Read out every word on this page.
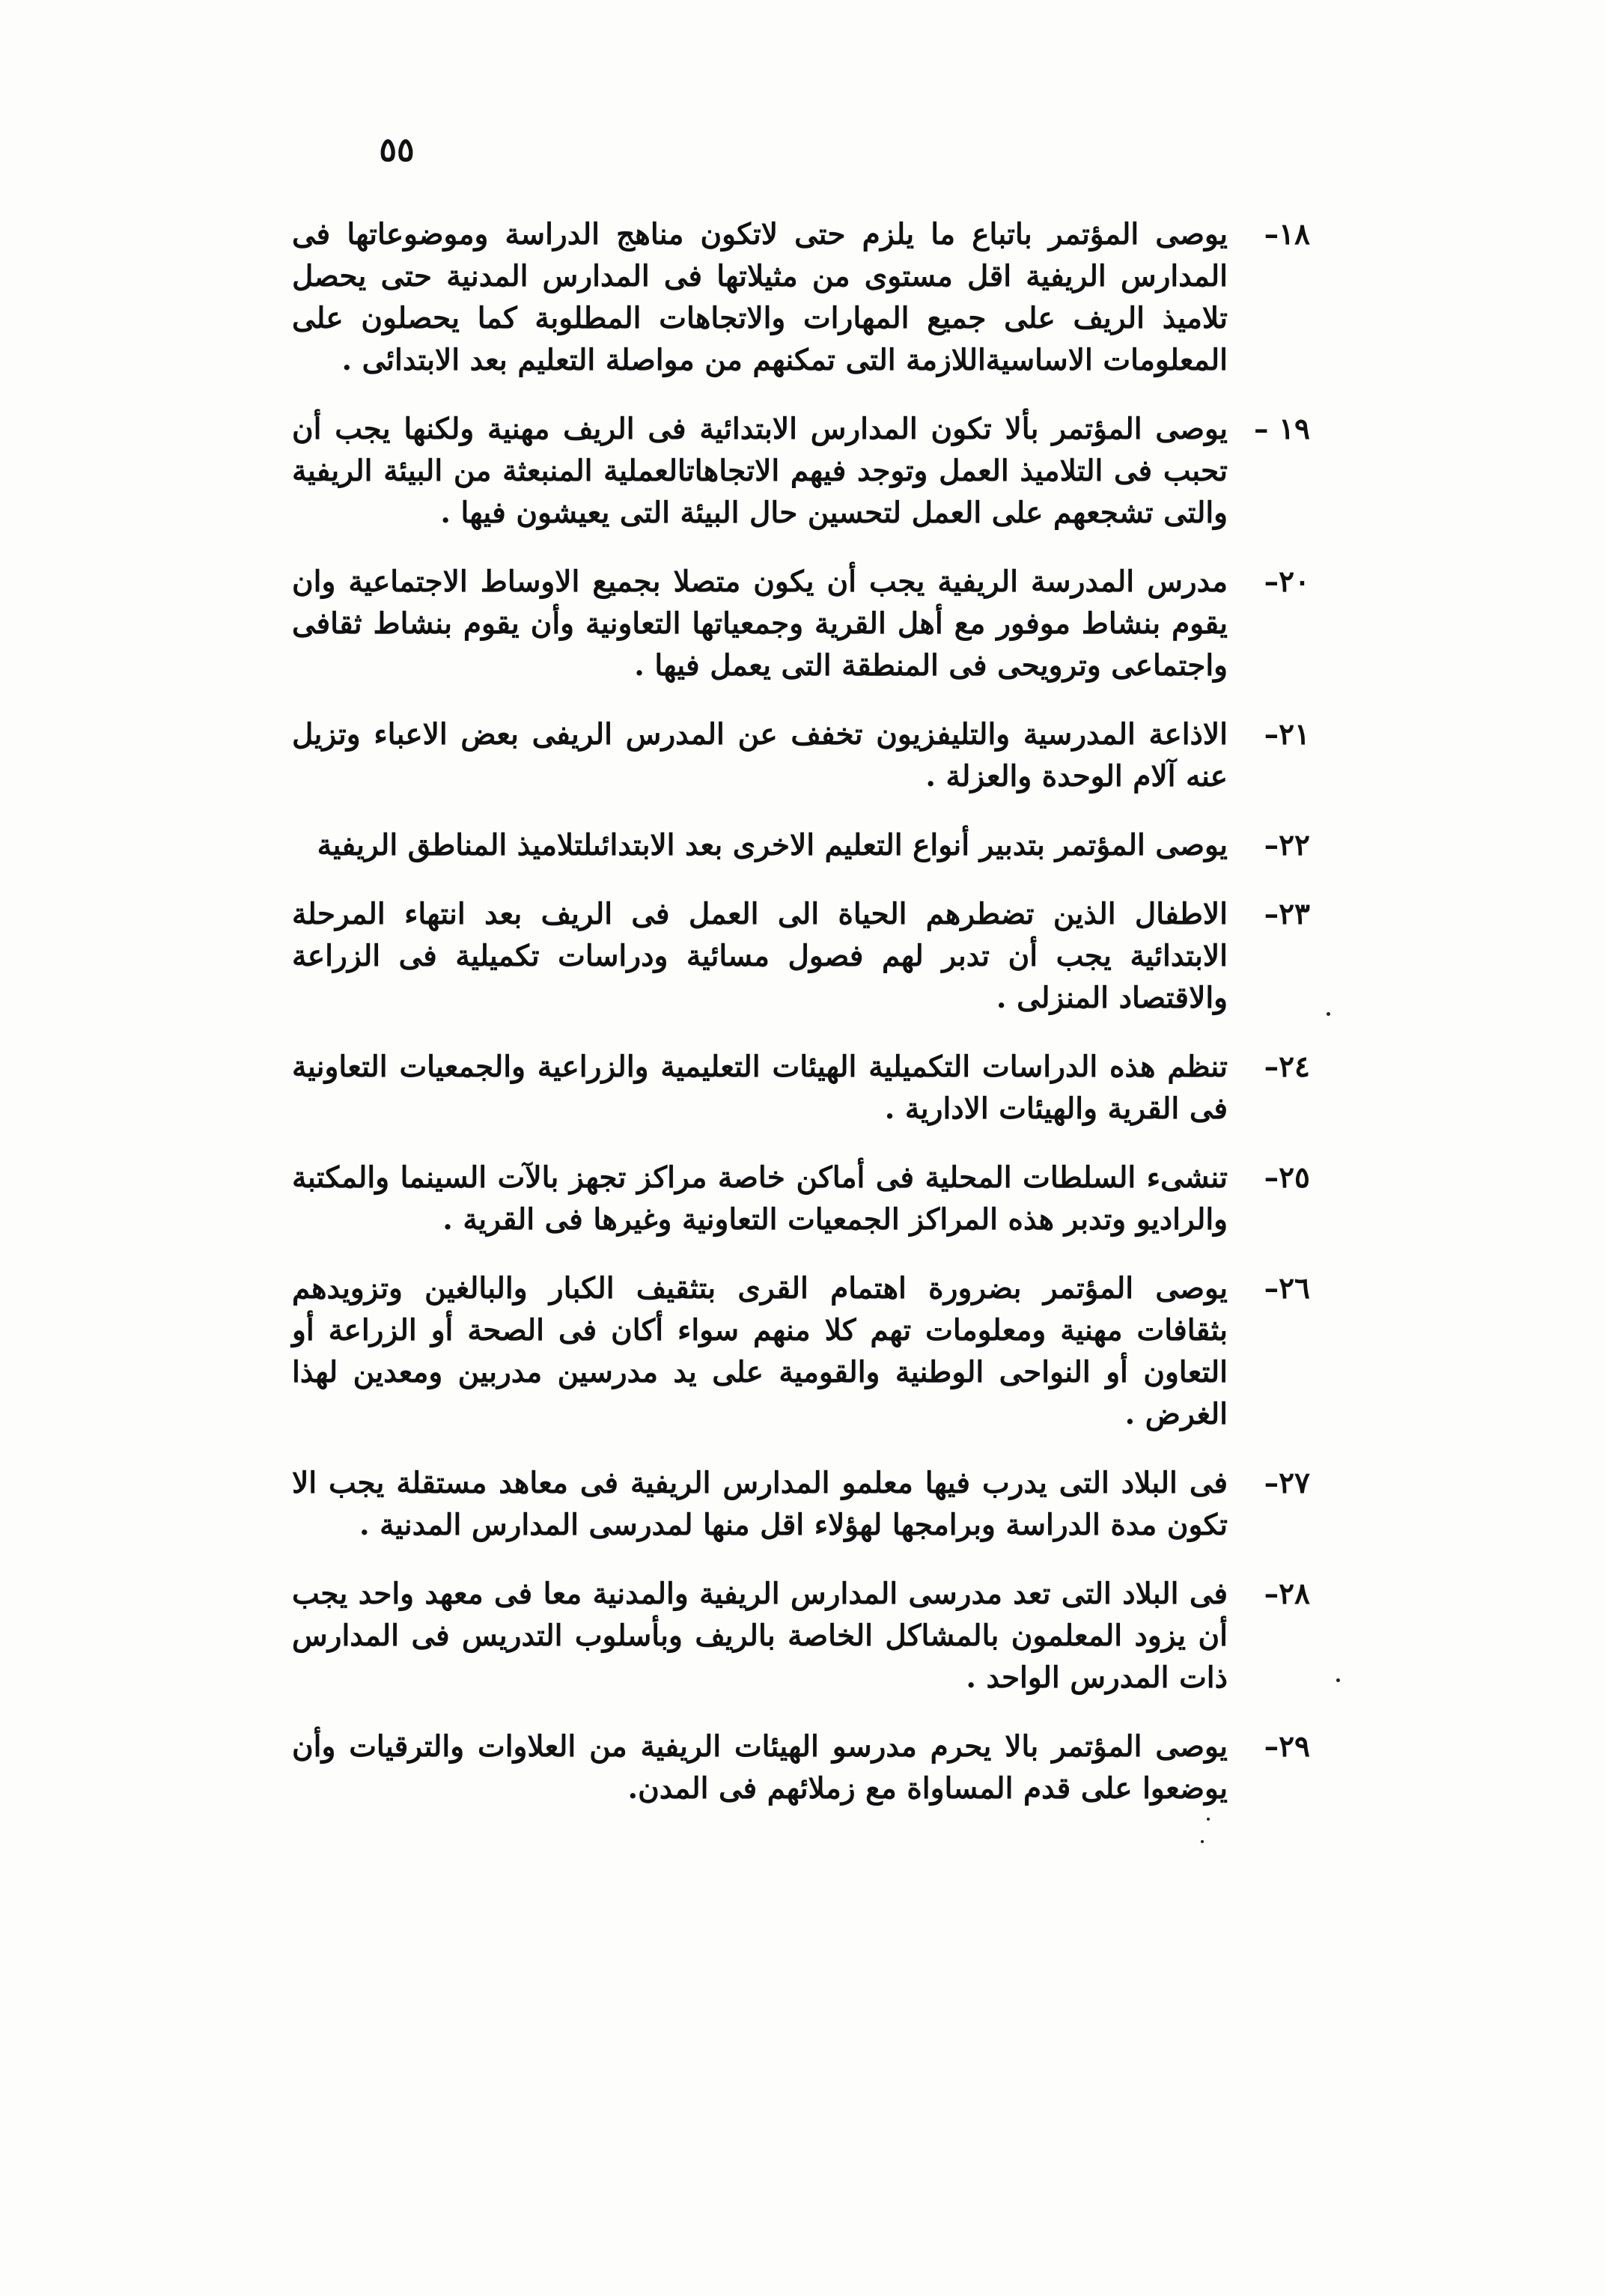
٥٥
١٨–
يوصى المؤتمر باتباع ما يلزم حتى لاتكون مناهج الدراسة وموضوعاتها فى المدارس الريفية اقل مستوى من مثيلاتها فى المدارس المدنية حتى يحصل تلاميذ الريف على جميع المهارات والاتجاهات المطلوبة كما يحصلون على المعلومات الاساسيةاللازمة التى تمكنهم من مواصلة التعليم بعد الابتدائى .
١٩ –
يوصى المؤتمر بألا تكون المدارس الابتدائية فى الريف مهنية ولكنها يجب أن تحبب فى التلاميذ العمل وتوجد فيهم الاتجاهاتالعملية المنبعثة من البيئة الريفية والتى تشجعهم على العمل لتحسين حال البيئة التى يعيشون فيها .
٢٠–
مدرس المدرسة الريفية يجب أن يكون متصلا بجميع الاوساط الاجتماعية وان يقوم بنشاط موفور مع أهل القرية وجمعياتها التعاونية وأن يقوم بنشاط ثقافى واجتماعى وترويحى فى المنطقة التى يعمل فيها .
٢١–
الاذاعة المدرسية والتليفزيون تخفف عن المدرس الريفى بعض الاعباء وتزيل عنه آلام الوحدة والعزلة .
٢٢–
يوصى المؤتمر بتدبير أنواع التعليم الاخرى بعد الابتدائىلتلاميذ المناطق الريفية
٢٣–
الاطفال الذين تضطرهم الحياة الى العمل فى الريف بعد انتهاء المرحلة الابتدائية يجب أن تدبر لهم فصول مسائية ودراسات تكميلية فى الزراعة والاقتصاد المنزلى .
٢٤–
تنظم هذه الدراسات التكميلية الهيئات التعليمية والزراعية والجمعيات التعاونية فى القرية والهيئات الادارية .
٢٥–
تنشىء السلطات المحلية فى أماكن خاصة مراكز تجهز بالآت السينما والمكتبة والراديو وتدبر هذه المراكز الجمعيات التعاونية وغيرها فى القرية .
٢٦–
يوصى المؤتمر بضرورة اهتمام القرى بتثقيف الكبار والبالغين وتزويدهم بثقافات مهنية ومعلومات تهم كلا منهم سواء أكان فى الصحة أو الزراعة أو التعاون أو النواحى الوطنية والقومية على يد مدرسين مدربين ومعدين لهذا الغرض .
٢٧–
فى البلاد التى يدرب فيها معلمو المدارس الريفية فى معاهد مستقلة يجب الا تكون مدة الدراسة وبرامجها لهؤلاء اقل منها لمدرسى المدارس المدنية .
٢٨–
فى البلاد التى تعد مدرسى المدارس الريفية والمدنية معا فى معهد واحد يجب أن يزود المعلمون بالمشاكل الخاصة بالريف وبأسلوب التدريس فى المدارس ذات المدرس الواحد .
٢٩–
يوصى المؤتمر بالا يحرم مدرسو الهيئات الريفية من العلاوات والترقيات وأن يوضعوا على قدم المساواة مع زملائهم فى المدن.
